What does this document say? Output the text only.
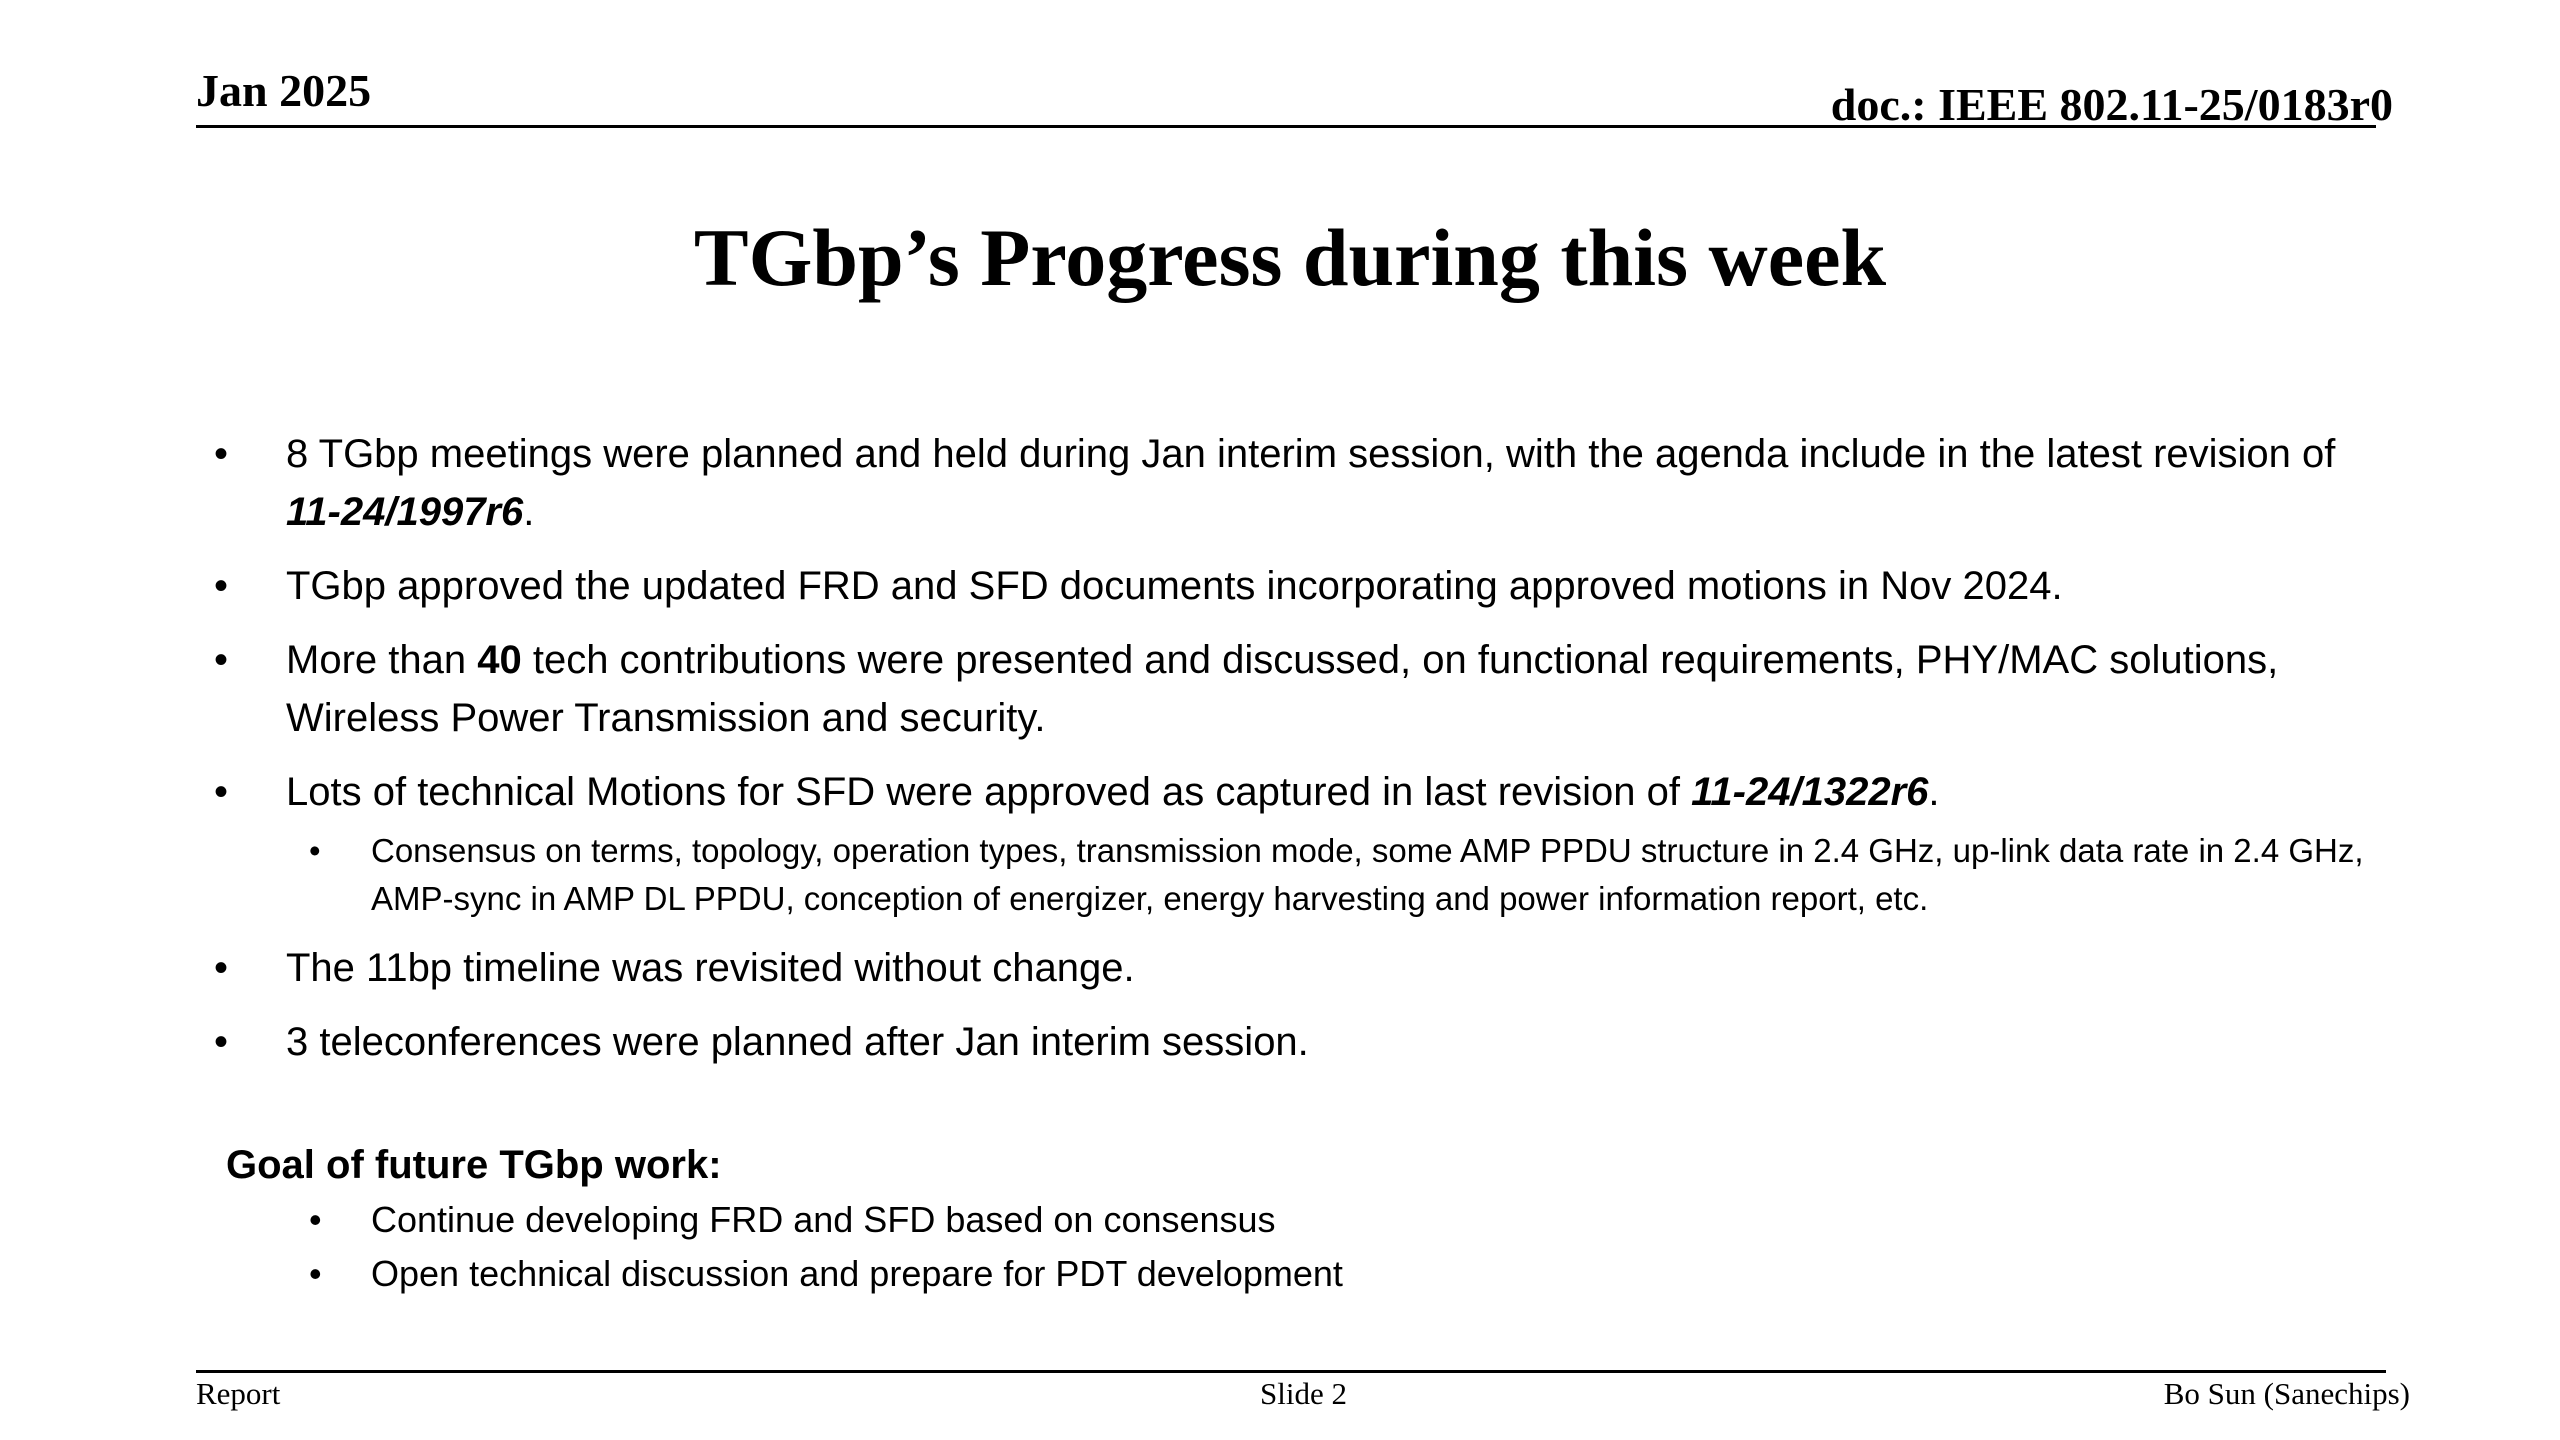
Jan 2025	doc.: IEEE 802.11-25/0183r0
TGbp’s Progress during this week
• 8 TGbp meetings were planned and held during Jan interim session, with the agenda include in the latest revision of 11-24/1997r6.
• TGbp approved the updated FRD and SFD documents incorporating approved motions in Nov 2024.
• More than 40 tech contributions were presented and discussed, on functional requirements, PHY/MAC solutions, Wireless Power Transmission and security.
• Lots of technical Motions for SFD were approved as captured in last revision of 11-24/1322r6.
• Consensus on terms, topology, operation types, transmission mode, some AMP PPDU structure in 2.4 GHz, up-link data rate in 2.4 GHz, AMP-sync in AMP DL PPDU, conception of energizer, energy harvesting and power information report, etc.
• The 11bp timeline was revisited without change.
• 3 teleconferences were planned after Jan interim session.
Goal of future TGbp work:
• Continue developing FRD and SFD based on consensus
• Open technical discussion and prepare for PDT development
Report	Slide 2	Bo Sun (Sanechips)
